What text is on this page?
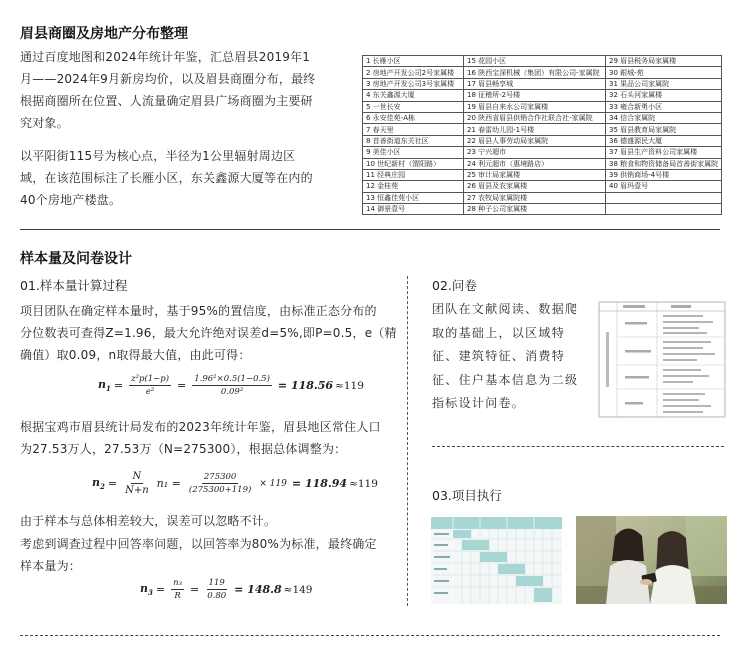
眉县商圈及房地产分布整理
通过百度地图和2024年统计年鉴，汇总眉县2019年1
月——2024年9月新房均价，以及眉县商圈分布，最终
根据商圈所在位置、人流量确定眉县广场商圈为主要研
究对象。
以平阳街115号为核心点，半径为1公里辐射周边区
域，在该范围标注了长雁小区，东关鑫源大厦等在内的
40个房地产楼盘。
1 长雁小区	15 花园小区	29 眉县税务局家属楼
2 房地产开发公司2号家属楼	16 陕西宝深机械（集团）有限公司-家属院	30 銀城-苑
3 房地产开发公司3号家属楼	17 眉县畅享城	31 果品公司家属院
4 东关鑫源大厦	18 征稽所-2号楼	32 石头河家属楼
5 一世长安	19 眉县自来水公司家属楼	33 雍合新勇小区
6 永安佳苑-A栋	20 陕西省眉县供销合作社联合社-家属院	34 信合家属院
7 春天里	21 春雷幼儿园-1号楼	35 眉县教育局家属院
8 首善街道东关社区	22 眉县人事劳动局家属院	36 德盛源民大厦
9 美佳小区	23 宁兴超市	37 眉县生产资料公司家属楼
10 世纪新村（渭阳路）	24 利元超市（惠境路店）	38 粮食和物资储备局首善街家属院
11 经典庄园	25 审计局家属楼	39 供销商场-4号楼
12 金桂苑	26 眉县及农家属楼	40 眉玛壹号
13 恒鑫佳苑小区	27 农牧局家属院楼	
14 御景壹号	28 种子公司家属楼	
样本量及问卷设计
01.样本量计算过程
项目团队在确定样本量时，基于95%的置信度，由标准正态分布的
分位数表可查得Z=1.96，最大允许绝对误差d=5%,即P=0.5，e（精
确值）取0.09，n取得最大值，由此可得：
$n_1 = \frac{\text{z²p(1−p)}}{\text{e²}} = \frac{\text{1.96²×0.5(1−0.5)}}{\text{0.09²}} = 118.56 \approx 119$
根据宝鸡市眉县统计局发布的2023年统计年鉴，眉县地区常住人口
为27.53万人，27.53万（N=275300），根据总体调整为：
$n_2 = \frac{N}{N+n} n_1 = \frac{275300}{(275300+119)} \times 119 = 118.94 \approx 119$
由于样本与总体相差较大，误差可以忽略不计。
考虑到调查过程中回答率问题，以回答率为80%为标准，最终确定
样本量为：
$n_3 = \frac{\text{n₃}}{R} = \frac{119}{0.80} = 148.8 \approx 149$
02.问卷
团队在文献阅读、数据爬
取的基础上，以区域特
征、建筑特征、消费特
征、住户基本信息为二级
指标设计问卷。
03.项目执行
